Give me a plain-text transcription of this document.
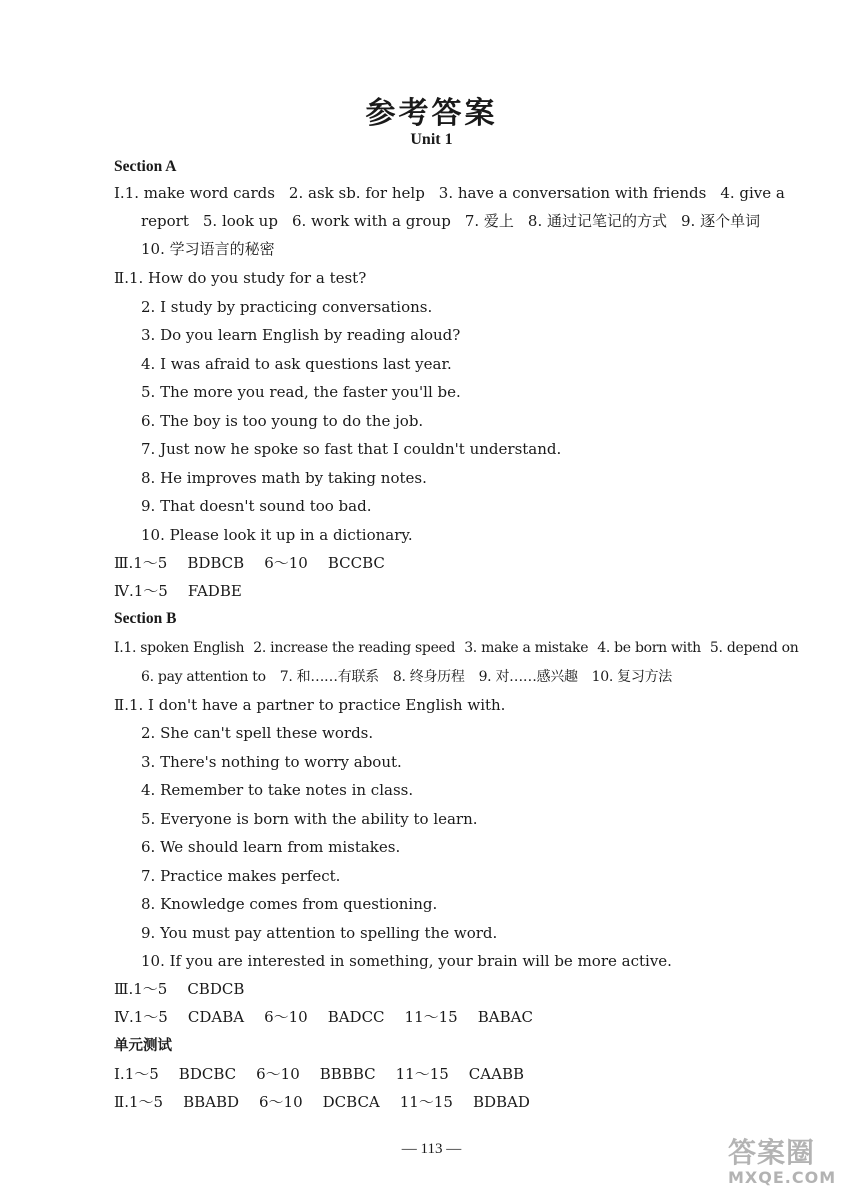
参考答案
Unit 1
Section A
Ⅰ.1. make word cards 2. ask sb. for help 3. have a conversation with friends 4. give a
report 5. look up 6. work with a group 7. 爱上 8. 通过记笔记的方式 9. 逐个单词
10. 学习语言的秘密
Ⅱ.1. How do you study for a test?
2. I study by practicing conversations.
3. Do you learn English by reading aloud?
4. I was afraid to ask questions last year.
5. The more you read, the faster you'll be.
6. The boy is too young to do the job.
7. Just now he spoke so fast that I couldn't understand.
8. He improves math by taking notes.
9. That doesn't sound too bad.
10. Please look it up in a dictionary.
Ⅲ.1～5 BDBCB 6～10 BCCBC
Ⅳ.1～5 FADBE
Section B
Ⅰ.1. spoken English 2. increase the reading speed 3. make a mistake 4. be born with 5. depend on
6. pay attention to 7. 和……有联系 8. 终身历程 9. 对……感兴趣 10. 复习方法
Ⅱ.1. I don't have a partner to practice English with.
2. She can't spell these words.
3. There's nothing to worry about.
4. Remember to take notes in class.
5. Everyone is born with the ability to learn.
6. We should learn from mistakes.
7. Practice makes perfect.
8. Knowledge comes from questioning.
9. You must pay attention to spelling the word.
10. If you are interested in something, your brain will be more active.
Ⅲ.1～5 CBDCB
Ⅳ.1～5 CDABA 6～10 BADCC 11～15 BABAC
单元测试
Ⅰ.1～5 BDCBC 6～10 BBBBC 11～15 CAABB
Ⅱ.1～5 BBABD 6～10 DCBCA 11～15 BDBAD
— 113 —	答案圈
MXQE.COM
